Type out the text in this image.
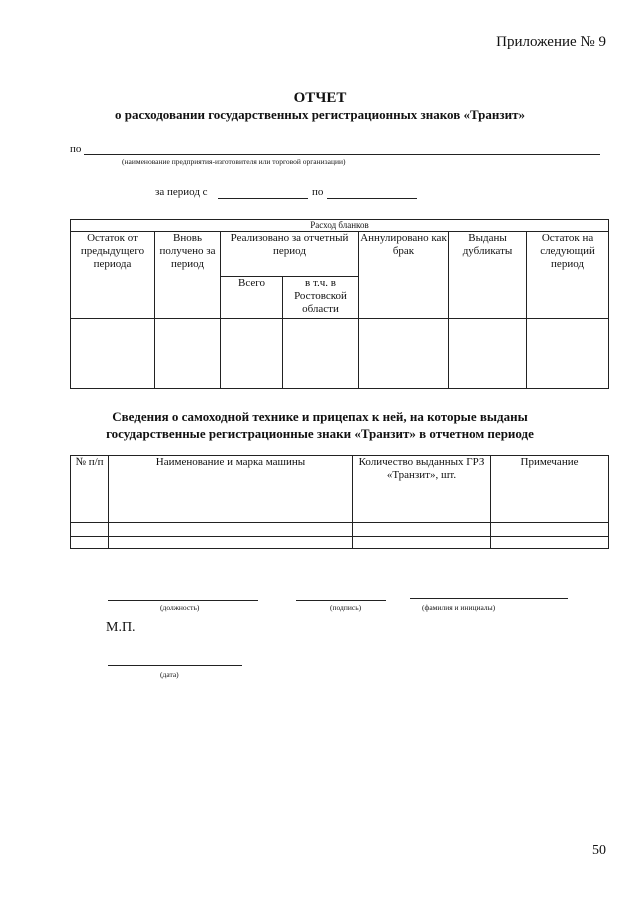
Приложение № 9
ОТЧЕТ
о расходовании государственных регистрационных знаков «Транзит»
по
(наименование предприятия-изготовителя или торговой организации)
за период с	по
Расход бланков						
Остаток от предыдущего периода	Вновь получено за период	Реализовано за отчетный период		Аннулировано как брак	Выданы дубликаты	Остаток на следующий период
		Всего	в т.ч. в Ростовской области			

Сведения о самоходной технике и прицепах к ней, на которые выданы
государственные регистрационные знаки «Транзит» в отчетном периоде
№ п/п	Наименование и марка машины	Количество выданных ГРЗ «Транзит», шт.	Примечание

(должность)	(подпись)	(фамилия и инициалы)
М.П.
(дата)
50
